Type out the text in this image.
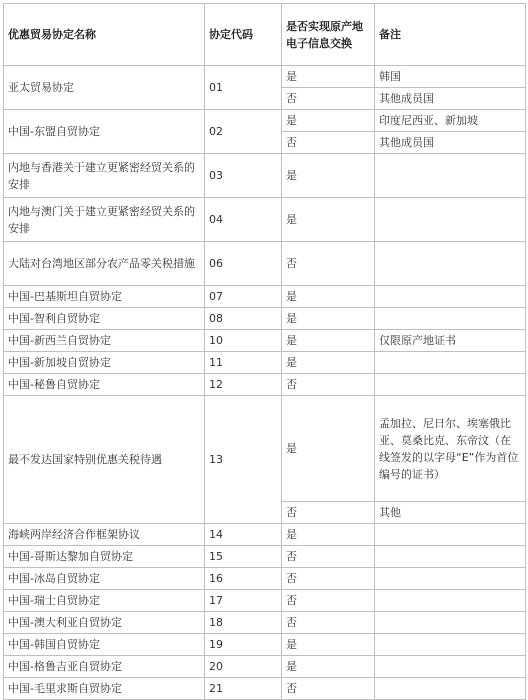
优惠贸易协定名称	协定代码	是否实现原产地电子信息交换	备注
亚太贸易协定	01	是	韩国
		否	其他成员国
中国-东盟自贸协定	02	是	印度尼西亚、新加坡
		否	其他成员国
内地与香港关于建立更紧密经贸关系的安排	03	是	
内地与澳门关于建立更紧密经贸关系的安排	04	是	
大陆对台湾地区部分农产品零关税措施	06	否	
中国-巴基斯坦自贸协定	07	是	
中国-智利自贸协定	08	是	
中国-新西兰自贸协定	10	是	仅限原产地证书
中国-新加坡自贸协定	11	是	
中国-秘鲁自贸协定	12	否	
最不发达国家特别优惠关税待遇	13	是	孟加拉、尼日尔、埃塞俄比亚、莫桑比克、东帝汶（在线签发的以字母“E”作为首位编号的证书）
		否	其他
海峡两岸经济合作框架协议	14	是	
中国-哥斯达黎加自贸协定	15	否	
中国-冰岛自贸协定	16	否	
中国-瑞士自贸协定	17	否	
中国-澳大利亚自贸协定	18	否	
中国-韩国自贸协定	19	是	
中国-格鲁吉亚自贸协定	20	是	
中国-毛里求斯自贸协定	21	否	
